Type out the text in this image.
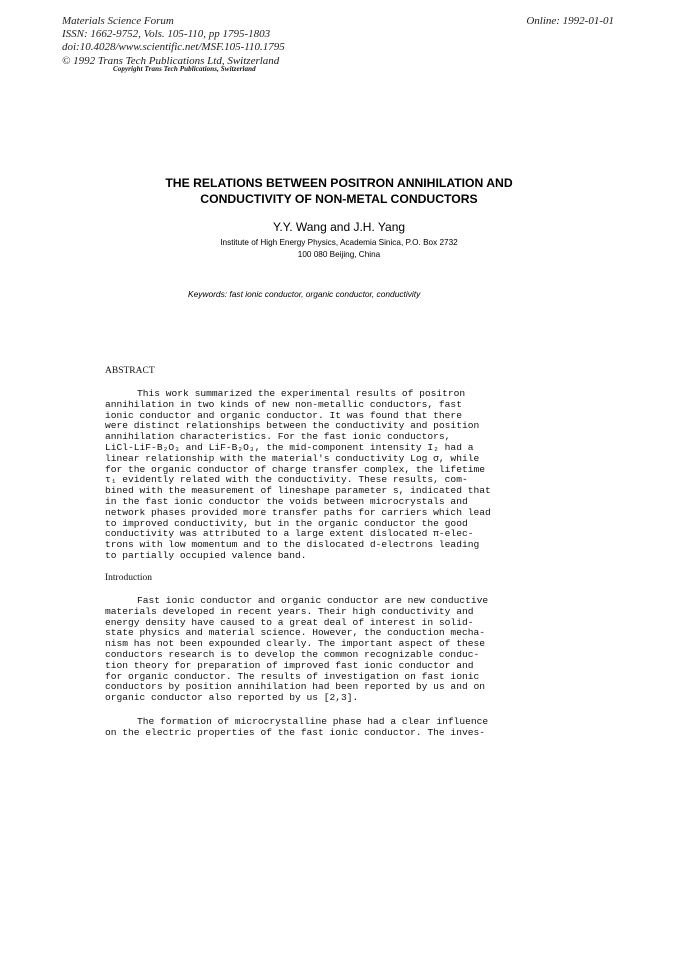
Materials Science Forum
ISSN: 1662-9752, Vols. 105-110, pp 1795-1803
doi:10.4028/www.scientific.net/MSF.105-110.1795
© 1992 Trans Tech Publications Ltd, Switzerland
Online: 1992-01-01
Copyright Trans Tech Publications, Switzerland
THE RELATIONS BETWEEN POSITRON ANNIHILATION AND
CONDUCTIVITY OF NON-METAL CONDUCTORS
Y.Y. Wang and J.H. Yang
Institute of High Energy Physics, Academia Sinica, P.O. Box 2732
100 080 Beijing, China
Keywords: fast ionic conductor, organic conductor, conductivity
ABSTRACT
This work summarized the experimental results of positron
annihilation in two kinds of new non-metallic conductors, fast
ionic conductor and organic conductor. It was found that there
were distinct relationships between the conductivity and position
annihilation characteristics. For the fast ionic conductors,
LiCl-LiF-B₂O₃ and LiF-B₂O₃, the mid-component intensity I₂ had a
linear relationship with the material's conductivity Log σ, while
for the organic conductor of charge transfer complex, the lifetime
τ₁ evidently related with the conductivity. These results, com-
bined with the measurement of lineshape parameter s, indicated that
in the fast ionic conductor the voids between microcrystals and
network phases provided more transfer paths for carriers which lead
to improved conductivity, but in the organic conductor the good
conductivity was attributed to a large extent dislocated π-elec-
trons with low momentum and to the dislocated d-electrons leading
to partially occupied valence band.
Introduction
Fast ionic conductor and organic conductor are new conductive
materials developed in recent years. Their high conductivity and
energy density have caused to a great deal of interest in solid-
state physics and material science. However, the conduction mecha-
nism has not been expounded clearly. The important aspect of these
conductors research is to develop the common recognizable conduc-
tion theory for preparation of improved fast ionic conductor and
for organic conductor. The results of investigation on fast ionic
conductors by position annihilation had been reported by us and on
organic conductor also reported by us [2,3].
The formation of microcrystalline phase had a clear influence
on the electric properties of the fast ionic conductor. The inves-
